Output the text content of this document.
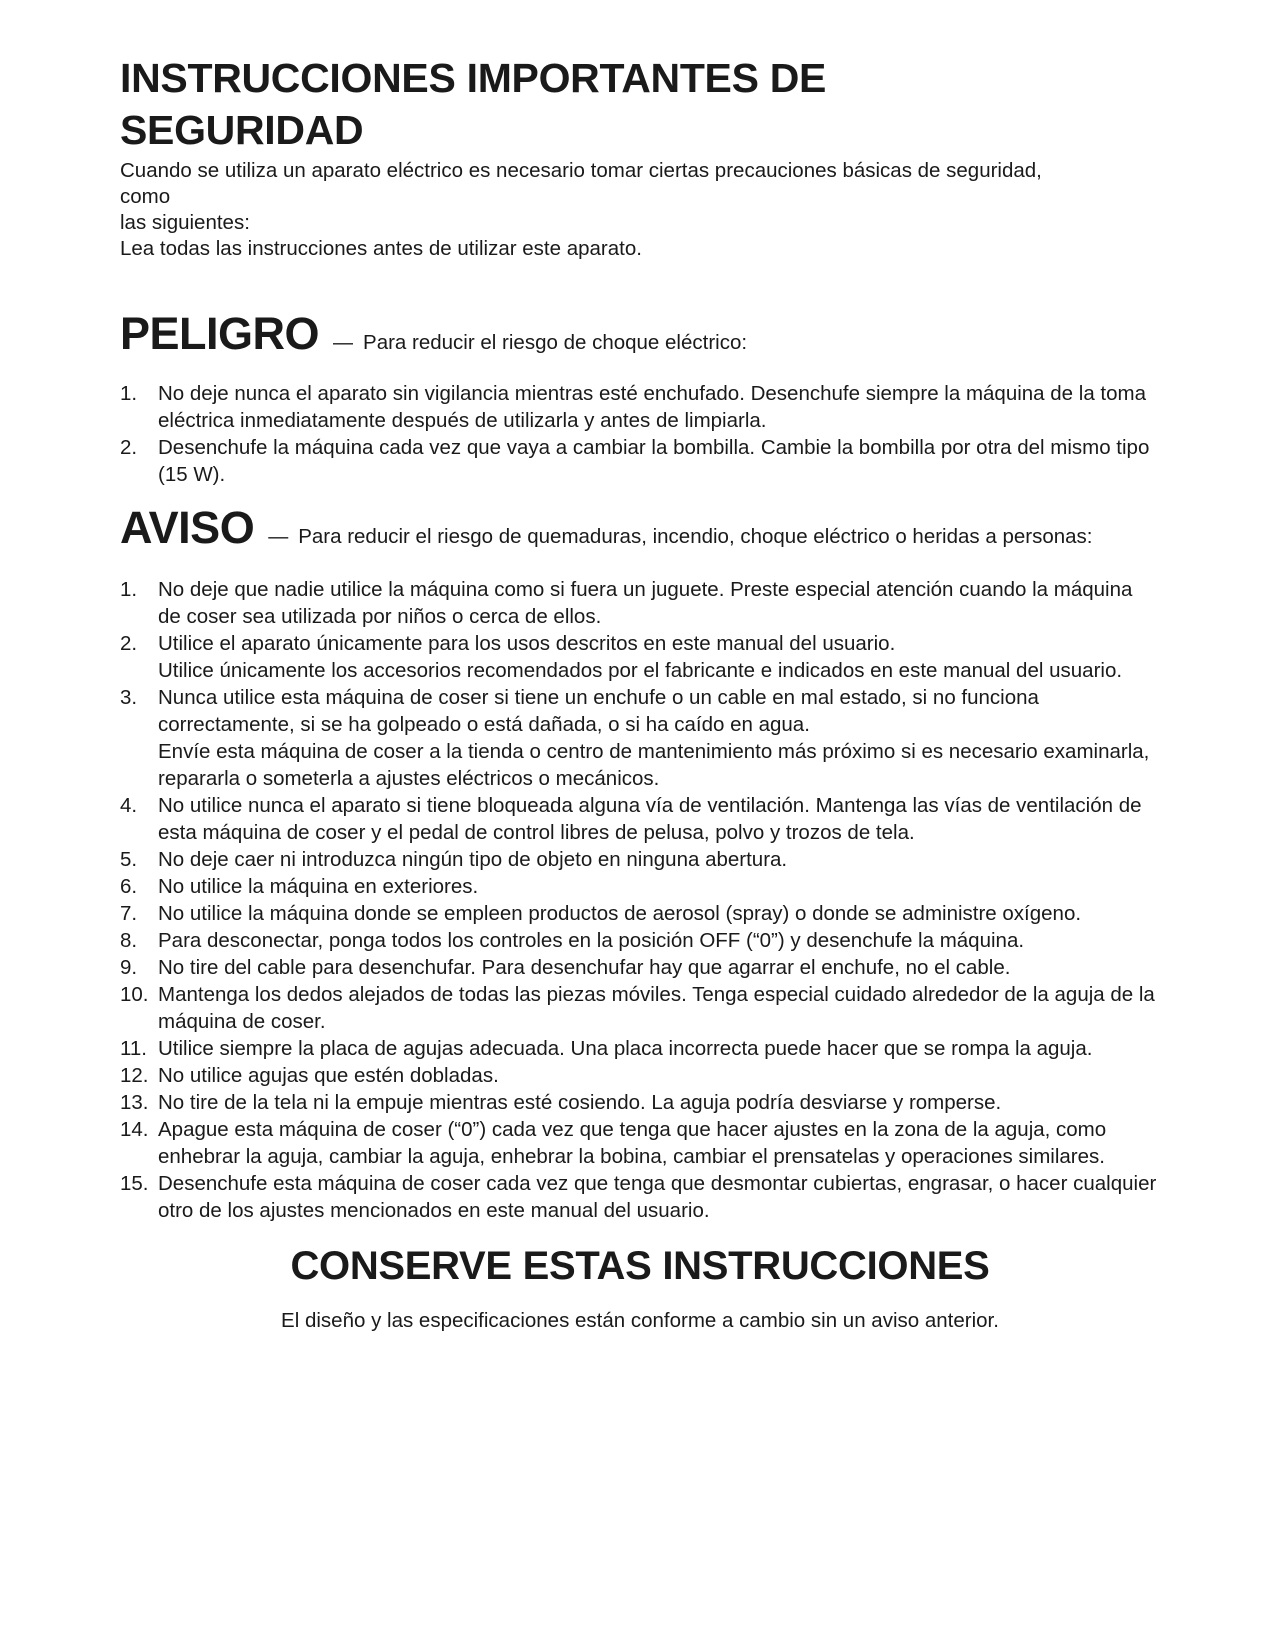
INSTRUCCIONES IMPORTANTES DE
SEGURIDAD
Cuando se utiliza un aparato eléctrico es necesario tomar ciertas precauciones básicas de seguridad,
como
las siguientes:
Lea todas las instrucciones antes de utilizar este aparato.
PELIGRO — Para reducir el riesgo de choque eléctrico:
1.	No deje nunca el aparato sin vigilancia mientras esté enchufado. Desenchufe siempre la máquina de la toma eléctrica inmediatamente después de utilizarla y antes de limpiarla.
2.	Desenchufe la máquina cada vez que vaya a cambiar la bombilla. Cambie la bombilla por otra del mismo tipo (15 W).
AVISO — Para reducir el riesgo de quemaduras, incendio, choque eléctrico o heridas a personas:
1.	No deje que nadie utilice la máquina como si fuera un juguete. Preste especial atención cuando la máquina de coser sea utilizada por niños o cerca de ellos.
2.	Utilice el aparato únicamente para los usos descritos en este manual del usuario.
Utilice únicamente los accesorios recomendados por el fabricante e indicados en este manual del usuario.
3.	Nunca utilice esta máquina de coser si tiene un enchufe o un cable en mal estado, si no funciona correctamente, si se ha golpeado o está dañada, o si ha caído en agua.
Envíe esta máquina de coser a la tienda o centro de mantenimiento más próximo si es necesario examinarla, repararla o someterla a ajustes eléctricos o mecánicos.
4.	No utilice nunca el aparato si tiene bloqueada alguna vía de ventilación. Mantenga las vías de ventilación de esta máquina de coser y el pedal de control libres de pelusa, polvo y trozos de tela.
5.	No deje caer ni introduzca ningún tipo de objeto en ninguna abertura.
6.	No utilice la máquina en exteriores.
7.	No utilice la máquina donde se empleen productos de aerosol (spray) o donde se administre oxígeno.
8.	Para desconectar, ponga todos los controles en la posición OFF (“0”) y desenchufe la máquina.
9.	No tire del cable para desenchufar. Para desenchufar hay que agarrar el enchufe, no el cable.
10. Mantenga los dedos alejados de todas las piezas móviles. Tenga especial cuidado alrededor de la aguja de la máquina de coser.
11. Utilice siempre la placa de agujas adecuada. Una placa incorrecta puede hacer que se rompa la aguja.
12. No utilice agujas que estén dobladas.
13. No tire de la tela ni la empuje mientras esté cosiendo. La aguja podría desviarse y romperse.
14. Apague esta máquina de coser (“0”) cada vez que tenga que hacer ajustes en la zona de la aguja, como enhebrar la aguja, cambiar la aguja, enhebrar la bobina, cambiar el prensatelas y operaciones similares.
15. Desenchufe esta máquina de coser cada vez que tenga que desmontar cubiertas, engrasar, o hacer cualquier otro de los ajustes mencionados en este manual del usuario.
CONSERVE ESTAS INSTRUCCIONES
El diseño y las especificaciones están conforme a cambio sin un aviso anterior.
